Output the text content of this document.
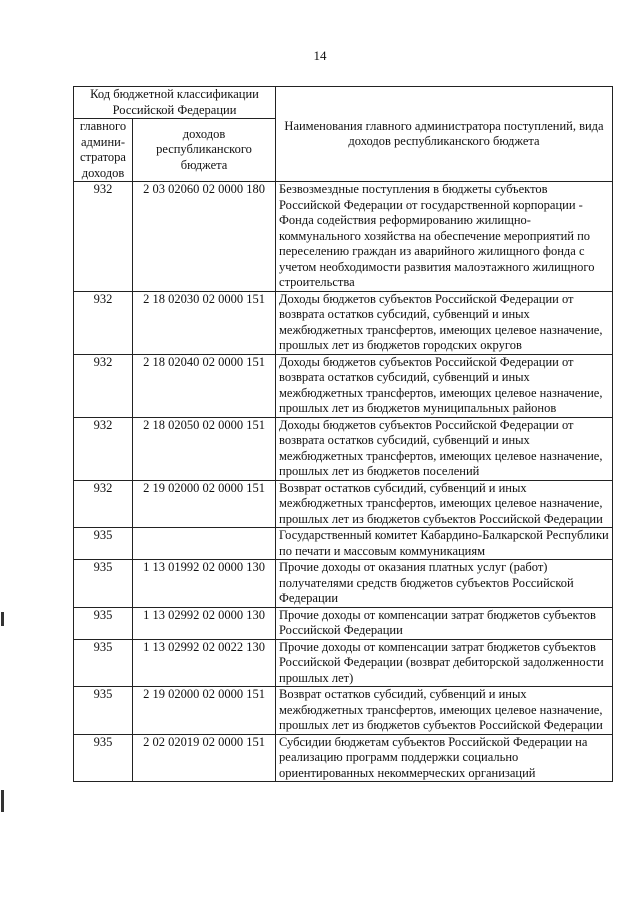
14
Код бюджетной классификации Российской Федерации		Наименования главного администратора поступлений, вида доходов республиканского бюджета
главного админи-стратора доходов	доходов республиканского бюджета	
932	2 03 02060 02 0000 180	Безвозмездные поступления в бюджеты субъектов Российской Федерации от государственной корпорации - Фонда содействия реформированию жилищно-коммунального хозяйства на обеспечение мероприятий по переселению граждан из аварийного жилищного фонда с учетом необходимости развития малоэтажного жилищного строительства
932	2 18 02030 02 0000 151	Доходы бюджетов субъектов Российской Федерации от возврата остатков субсидий, субвенций и иных межбюджетных трансфертов, имеющих целевое назначение, прошлых лет из бюджетов городских округов
932	2 18 02040 02 0000 151	Доходы бюджетов субъектов Российской Федерации от возврата остатков субсидий, субвенций и иных межбюджетных трансфертов, имеющих целевое назначение, прошлых лет из бюджетов муниципальных районов
932	2 18 02050 02 0000 151	Доходы бюджетов субъектов Российской Федерации от возврата остатков субсидий, субвенций и иных межбюджетных трансфертов, имеющих целевое назначение, прошлых лет из бюджетов поселений
932	2 19 02000 02 0000 151	Возврат остатков субсидий, субвенций и иных межбюджетных трансфертов, имеющих целевое назначение, прошлых лет из бюджетов субъектов Российской Федерации
935		Государственный комитет Кабардино-Балкарской Республики по печати и массовым коммуникациям
935	1 13 01992 02 0000 130	Прочие доходы от оказания платных услуг (работ) получателями средств бюджетов субъектов Российской Федерации
935	1 13 02992 02 0000 130	Прочие доходы от компенсации затрат бюджетов субъектов Российской Федерации
935	1 13 02992 02 0022 130	Прочие доходы от компенсации затрат бюджетов субъектов Российской Федерации (возврат дебиторской задолженности прошлых лет)
935	2 19 02000 02 0000 151	Возврат остатков субсидий, субвенций и иных межбюджетных трансфертов, имеющих целевое назначение, прошлых лет из бюджетов субъектов Российской Федерации
935	2 02 02019 02 0000 151	Субсидии бюджетам субъектов Российской Федерации на реализацию программ поддержки социально ориентированных некоммерческих организаций
